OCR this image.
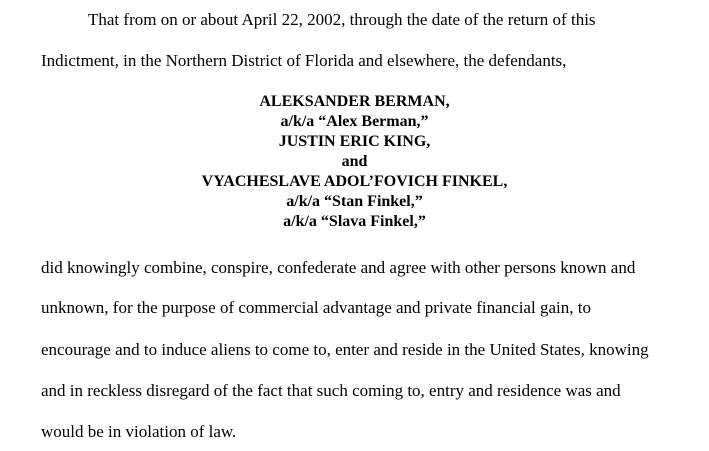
That from on or about April 22, 2002, through the date of the return of this
Indictment, in the Northern District of Florida and elsewhere, the defendants,
ALEKSANDER BERMAN,
a/k/a “Alex Berman,”
JUSTIN ERIC KING,
and
VYACHESLAVE ADOL’FOVICH FINKEL,
a/k/a “Stan Finkel,”
a/k/a “Slava Finkel,”
did knowingly combine, conspire, confederate and agree with other persons known and
unknown, for the purpose of commercial advantage and private financial gain, to
encourage and to induce aliens to come to, enter and reside in the United States, knowing
and in reckless disregard of the fact that such coming to, entry and residence was and
would be in violation of law.
